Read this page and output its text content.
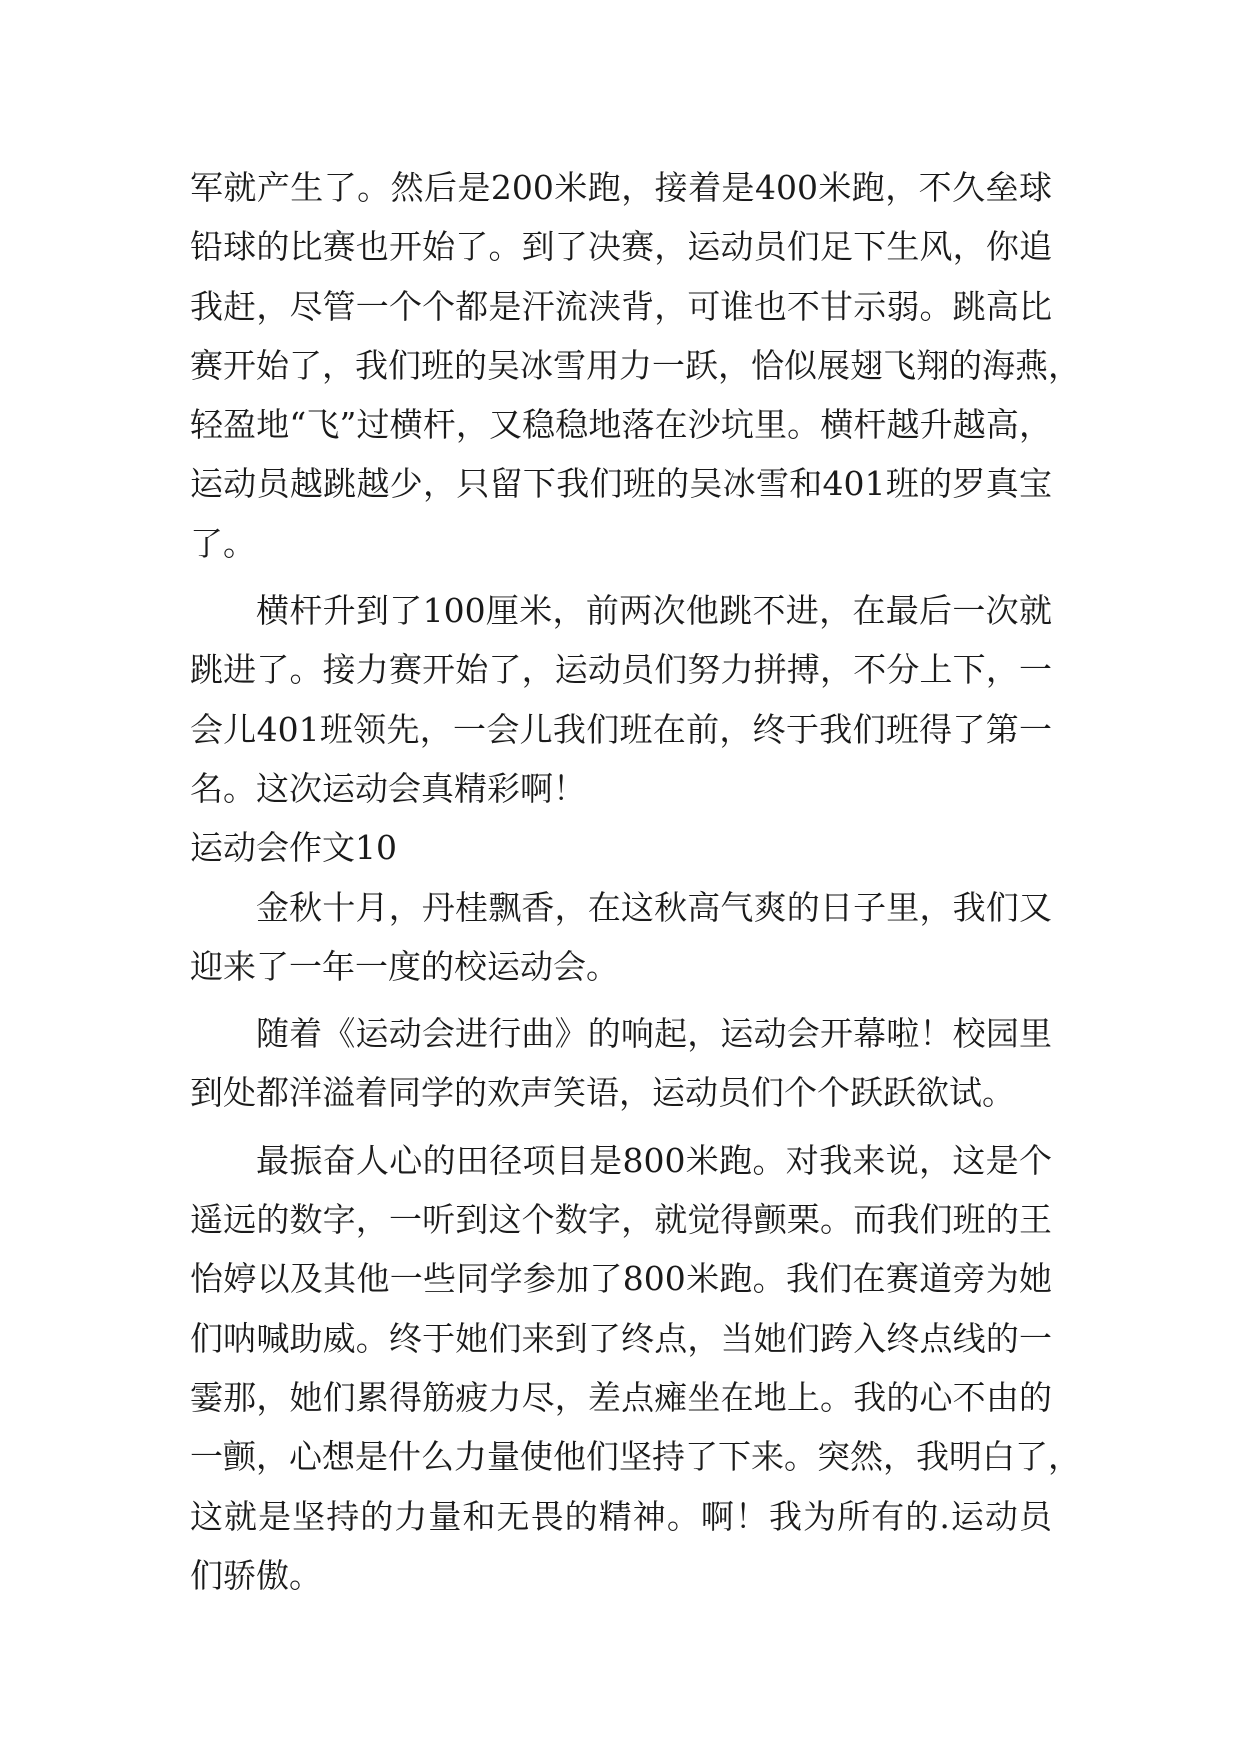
军就产生了。然后是200米跑，接着是400米跑，不久垒球
铅球的比赛也开始了。到了决赛，运动员们足下生风，你追
我赶，尽管一个个都是汗流浃背，可谁也不甘示弱。跳高比
赛开始了，我们班的吴冰雪用力一跃，恰似展翅飞翔的海燕，
轻盈地“飞”过横杆，又稳稳地落在沙坑里。横杆越升越高，
运动员越跳越少，只留下我们班的吴冰雪和401班的罗真宝
了。
横杆升到了100厘米，前两次他跳不进，在最后一次就
跳进了。接力赛开始了，运动员们努力拼搏，不分上下，一
会儿401班领先，一会儿我们班在前，终于我们班得了第一
名。这次运动会真精彩啊！
运动会作文10
金秋十月，丹桂飘香，在这秋高气爽的日子里，我们又
迎来了一年一度的校运动会。
随着《运动会进行曲》的响起，运动会开幕啦！校园里
到处都洋溢着同学的欢声笑语，运动员们个个跃跃欲试。
最振奋人心的田径项目是800米跑。对我来说，这是个
遥远的数字，一听到这个数字，就觉得颤栗。而我们班的王
怡婷以及其他一些同学参加了800米跑。我们在赛道旁为她
们呐喊助威。终于她们来到了终点，当她们跨入终点线的一
霎那，她们累得筋疲力尽，差点瘫坐在地上。我的心不由的
一颤，心想是什么力量使他们坚持了下来。突然，我明白了，
这就是坚持的力量和无畏的精神。啊！我为所有的.运动员
们骄傲。
